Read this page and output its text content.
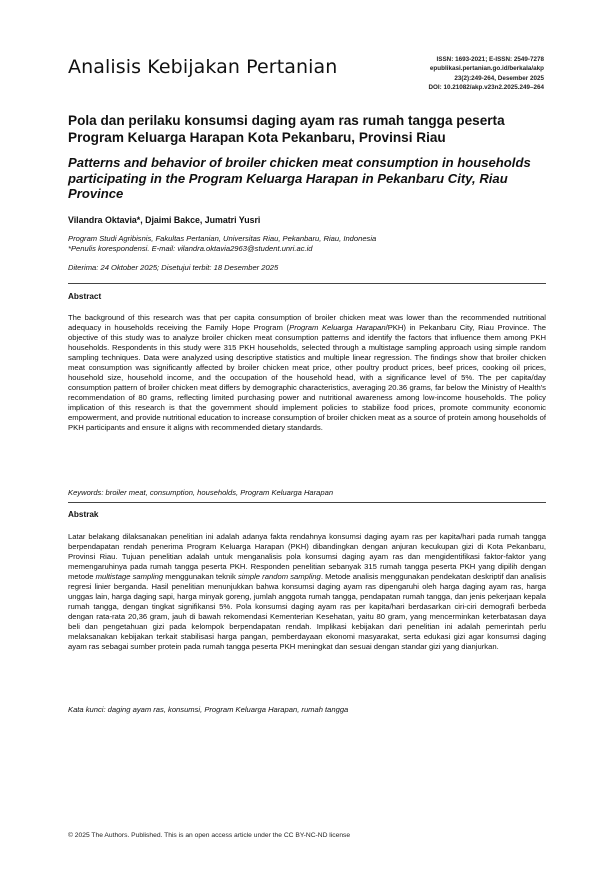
Analisis Kebijakan Pertanian	ISSN: 1693-2021; E-ISSN: 2549-7278
epublikasi.pertanian.go.id/berkala/akp
23(2):249-264, Desember 2025
DOI: 10.21082/akp.v23n2.2025.249–264
Pola dan perilaku konsumsi daging ayam ras rumah tangga peserta Program Keluarga Harapan Kota Pekanbaru, Provinsi Riau
Patterns and behavior of broiler chicken meat consumption in households participating in the Program Keluarga Harapan in Pekanbaru City, Riau Province
Vilandra Oktavia*, Djaimi Bakce, Jumatri Yusri
Program Studi Agribisnis, Fakultas Pertanian, Universitas Riau, Pekanbaru, Riau, Indonesia
*Penulis korespondensi. E-mail: vilandra.oktavia2963@student.unri.ac.id
Diterima: 24 Oktober 2025; Disetujui terbit: 18 Desember 2025
Abstract
The background of this research was that per capita consumption of broiler chicken meat was lower than the recommended nutritional adequacy in households receiving the Family Hope Program (Program Keluarga Harapan/PKH) in Pekanbaru City, Riau Province. The objective of this study was to analyze broiler chicken meat consumption patterns and identify the factors that influence them among PKH households. Respondents in this study were 315 PKH households, selected through a multistage sampling approach using simple random sampling techniques. Data were analyzed using descriptive statistics and multiple linear regression. The findings show that broiler chicken meat consumption was significantly affected by broiler chicken meat price, other poultry product prices, beef prices, cooking oil prices, household size, household income, and the occupation of the household head, with a significance level of 5%. The per capita/day consumption pattern of broiler chicken meat differs by demographic characteristics, averaging 20.36 grams, far below the Ministry of Health's recommendation of 80 grams, reflecting limited purchasing power and nutritional awareness among low-income households. The policy implication of this research is that the government should implement policies to stabilize food prices, promote community economic empowerment, and provide nutritional education to increase consumption of broiler chicken meat as a source of protein among households of PKH participants and ensure it aligns with recommended dietary standards.
Keywords: broiler meat, consumption, households, Program Keluarga Harapan
Abstrak
Latar belakang dilaksanakan penelitian ini adalah adanya fakta rendahnya konsumsi daging ayam ras per kapita/hari pada rumah tangga berpendapatan rendah penerima Program Keluarga Harapan (PKH) dibandingkan dengan anjuran kecukupan gizi di Kota Pekanbaru, Provinsi Riau. Tujuan penelitian adalah untuk menganalisis pola konsumsi daging ayam ras dan mengidentifikasi faktor-faktor yang memengaruhinya pada rumah tangga peserta PKH. Responden penelitian sebanyak 315 rumah tangga peserta PKH yang dipilih dengan metode multistage sampling menggunakan teknik simple random sampling. Metode analisis menggunakan pendekatan deskriptif dan analisis regresi linier berganda. Hasil penelitian menunjukkan bahwa konsumsi daging ayam ras dipengaruhi oleh harga daging ayam ras, harga unggas lain, harga daging sapi, harga minyak goreng, jumlah anggota rumah tangga, pendapatan rumah tangga, dan jenis pekerjaan kepala rumah tangga, dengan tingkat signifikansi 5%. Pola konsumsi daging ayam ras per kapita/hari berdasarkan ciri-ciri demografi berbeda dengan rata-rata 20,36 gram, jauh di bawah rekomendasi Kementerian Kesehatan, yaitu 80 gram, yang mencerminkan keterbatasan daya beli dan pengetahuan gizi pada kelompok berpendapatan rendah. Implikasi kebijakan dari penelitian ini adalah pemerintah perlu melaksanakan kebijakan terkait stabilisasi harga pangan, pemberdayaan ekonomi masyarakat, serta edukasi gizi agar konsumsi daging ayam ras sebagai sumber protein pada rumah tangga peserta PKH meningkat dan sesuai dengan standar gizi yang dianjurkan.
Kata kunci: daging ayam ras, konsumsi, Program Keluarga Harapan, rumah tangga
© 2025 The Authors. Published. This is an open access article under the CC BY-NC-ND license
